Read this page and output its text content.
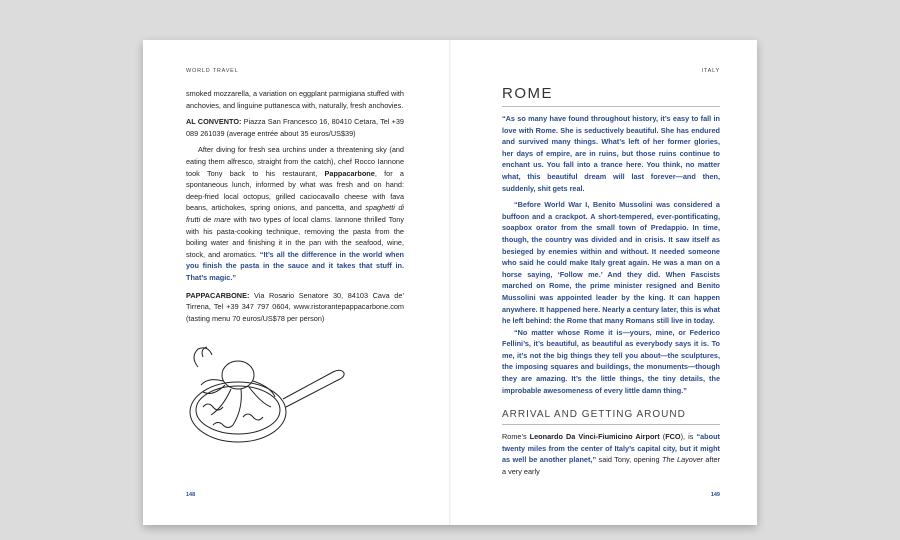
WORLD TRAVEL

smoked mozzarella, a variation on eggplant parmigiana stuffed with anchovies, and linguine puttanesca with, naturally, fresh anchovies.

AL CONVENTO: Piazza San Francesco 16, 80410 Cetara, Tel +39 089 261039 (average entrée about 35 euros/US$39)

After diving for fresh sea urchins under a threatening sky (and eating them alfresco, straight from the catch), chef Rocco Iannone took Tony back to his restaurant, Pappacarbone, for a spontaneous lunch, informed by what was fresh and on hand: deep-fried local octopus, grilled caciocavallo cheese with fava beans, artichokes, spring onions, and pancetta, and spaghetti di frutti de mare with two types of local clams. Iannone thrilled Tony with his pasta-cooking technique, removing the pasta from the boiling water and finishing it in the pan with the seafood, wine, stock, and aromatics. “It’s all the difference in the world when you finish the pasta in the sauce and it takes that stuff in. That’s magic.”

PAPPACARBONE: Via Rosario Senatore 30, 84103 Cava de’ Tirrena, Tel +39 347 797 0604, www.ristorantepappacarbone.com (tasting menu 70 euros/US$78 per person)

148
ITALY
ROME

“As so many have found throughout history, it’s easy to fall in love with Rome. She is seductively beautiful. She has endured and survived many things. What’s left of her former glories, her days of empire, are in ruins, but those ruins continue to enchant us. You fall into a trance here. You think, no matter what, this beautiful dream will last forever—and then, suddenly, shit gets real.

“Before World War I, Benito Mussolini was considered a buffoon and a crackpot. A short-tempered, ever-pontificating, soapbox orator from the small town of Predappio. In time, though, the country was divided and in crisis. It saw itself as besieged by enemies within and without. It needed someone who said he could make Italy great again. He was a man on a horse saying, ‘Follow me.’ And they did. When Fascists marched on Rome, the prime minister resigned and Benito Mussolini was appointed leader by the king. It can happen anywhere. It happened here. Nearly a century later, this is what he left behind: the Rome that many Romans still live in today.

“No matter whose Rome it is—yours, mine, or Federico Fellini’s, it’s beautiful, as beautiful as everybody says it is. To me, it’s not the big things they tell you about—the sculptures, the imposing squares and buildings, the monuments—though they are amazing. It’s the little things, the tiny details, the improbable awesomeness of every little damn thing.”

ARRIVAL AND GETTING AROUND

Rome’s Leonardo Da Vinci-Fiumicino Airport (FCO), is “about twenty miles from the center of Italy’s capital city, but it might as well be another planet,” said Tony, opening The Layover after a very early

149
